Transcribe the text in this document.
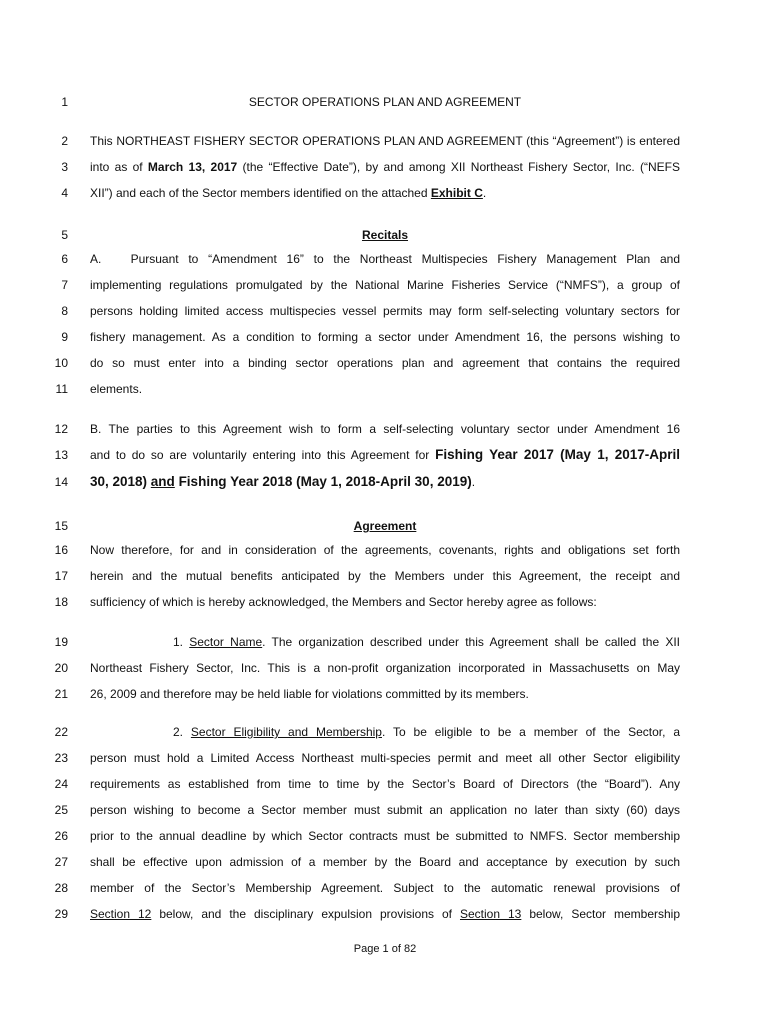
1	SECTOR OPERATIONS PLAN AND AGREEMENT
2 This NORTHEAST FISHERY SECTOR OPERATIONS PLAN AND AGREEMENT (this “Agreement”) is entered
3 into as of March 13, 2017 (the “Effective Date”), by and among XII Northeast Fishery Sector, Inc. (“NEFS
4 XII”) and each of the Sector members identified on the attached Exhibit C.
5	Recitals
6 A.   Pursuant to “Amendment 16” to the Northeast Multispecies Fishery Management Plan and
7 implementing regulations promulgated by the National Marine Fisheries Service (“NMFS”), a group of
8 persons holding limited access multispecies vessel permits may form self-selecting voluntary sectors for
9 fishery management. As a condition to forming a sector under Amendment 16, the persons wishing to
10 do so must enter into a binding sector operations plan and agreement that contains the required
11 elements.
12 B. The parties to this Agreement wish to form a self-selecting voluntary sector under Amendment 16
13 and to do so are voluntarily entering into this Agreement for Fishing Year 2017 (May 1, 2017-April
14 30, 2018) and Fishing Year 2018 (May 1, 2018-April 30, 2019).
15	Agreement
16 Now therefore, for and in consideration of the agreements, covenants, rights and obligations set forth
17 herein and the mutual benefits anticipated by the Members under this Agreement, the receipt and
18 sufficiency of which is hereby acknowledged, the Members and Sector hereby agree as follows:
19	1. Sector Name. The organization described under this Agreement shall be called the XII
20 Northeast Fishery Sector, Inc. This is a non-profit organization incorporated in Massachusetts on May
21 26, 2009 and therefore may be held liable for violations committed by its members.
22	2. Sector Eligibility and Membership. To be eligible to be a member of the Sector, a
23 person must hold a Limited Access Northeast multi-species permit and meet all other Sector eligibility
24 requirements as established from time to time by the Sector’s Board of Directors (the “Board”). Any
25 person wishing to become a Sector member must submit an application no later than sixty (60) days
26 prior to the annual deadline by which Sector contracts must be submitted to NMFS. Sector membership
27 shall be effective upon admission of a member by the Board and acceptance by execution by such
28 member of the Sector’s Membership Agreement. Subject to the automatic renewal provisions of
29 Section 12 below, and the disciplinary expulsion provisions of Section 13 below, Sector membership
Page 1 of 82
